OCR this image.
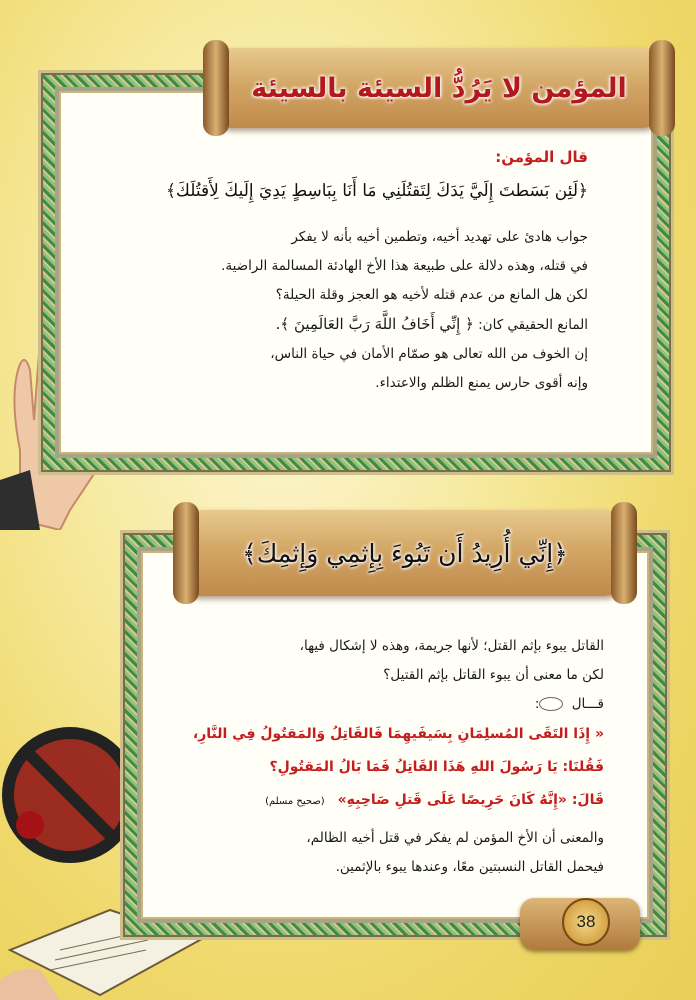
المؤمن لا يَرُدُّ السيئة بالسيئة
قال المؤمن:
﴿لَئِن بَسَطتَ إِلَيَّ يَدَكَ لِتَقتُلَنِي مَا أَنَا بِبَاسِطٍ يَدِيَ إِلَيكَ لِأَقتُلَكَ﴾
جواب هادئ على تهديد أخيه، وتطمين أخيه بأنه لا يفكر
في قتله، وهذه دلالة على طبيعة هذا الأخ الهادئة المسالمة الراضية.
لكن هل المانع من عدم قتله لأخيه هو العجز وقلة الحيلة؟
المانع الحقيقي كان: ﴿ إِنِّي أَخَافُ اللَّهَ رَبَّ العَالَمِينَ ﴾.
إن الخوف من الله تعالى هو صمّام الأمان في حياة الناس،
وإنه أقوى حارس يمنع الظلم والاعتداء.
﴿إِنِّي أُرِيدُ أَن تَبُوءَ بِإِثمِي وَإِثمِكَ﴾
القاتل يبوء بإثم القتل؛ لأنها جريمة، وهذه لا إشكال فيها،
لكن ما معنى أن يبوء القاتل بإثم القتيل؟
قـــال :
« إِذَا التَقَى المُسلِمَانِ بِسَيفَيهِمَا فَالقَاتِلُ وَالمَقتُولُ فِي النَّارِ،
فَقُلنَا: يَا رَسُولَ اللهِ هَذَا القَاتِلُ فَمَا بَالُ المَقتُولِ؟
قَالَ: «إِنَّهُ كَانَ حَرِيصًا عَلَى قَتلِ صَاحِبِهِ» (صحيح مسلم)
والمعنى أن الأخ المؤمن لم يفكر في قتل أخيه الظالم،
فيحمل القاتل النسبتين معًا، وعندها يبوء بالإثمين.
38
